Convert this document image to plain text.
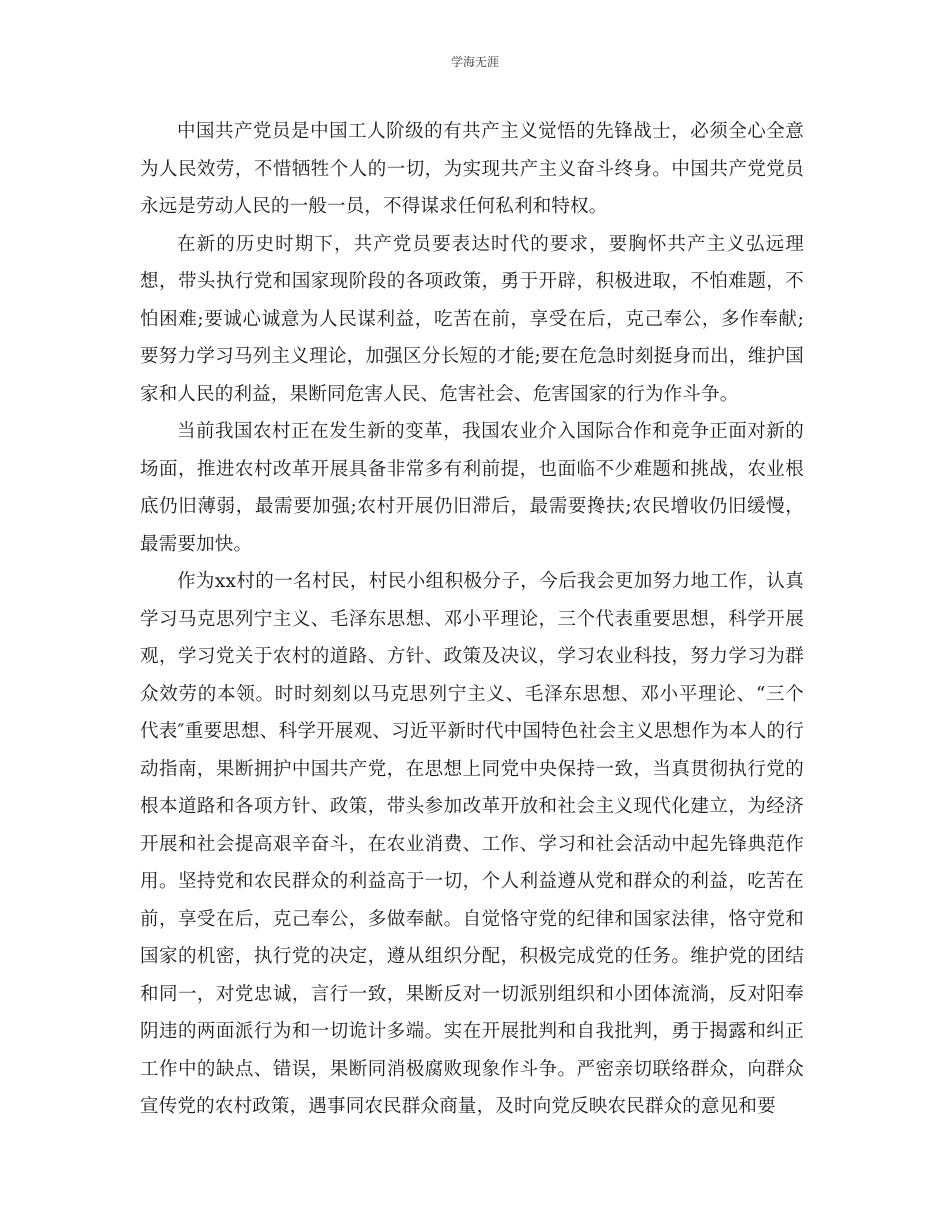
学海无涯

中国共产党员是中国工人阶级的有共产主义觉悟的先锋战士，必须全心全意为人民效劳，不惜牺牲个人的一切，为实现共产主义奋斗终身。中国共产党党员永远是劳动人民的一般一员，不得谋求任何私利和特权。

在新的历史时期下，共产党员要表达时代的要求，要胸怀共产主义弘远理想，带头执行党和国家现阶段的各项政策，勇于开辟，积极进取，不怕难题，不怕困难;要诚心诚意为人民谋利益，吃苦在前，享受在后，克己奉公，多作奉献;要努力学习马列主义理论，加强区分长短的才能;要在危急时刻挺身而出，维护国家和人民的利益，果断同危害人民、危害社会、危害国家的行为作斗争。

当前我国农村正在发生新的变革，我国农业介入国际合作和竞争正面对新的场面，推进农村改革开展具备非常多有利前提，也面临不少难题和挑战，农业根底仍旧薄弱，最需要加强;农村开展仍旧滞后，最需要搀扶;农民增收仍旧缓慢，最需要加快。

作为xx村的一名村民，村民小组积极分子，今后我会更加努力地工作，认真学习马克思列宁主义、毛泽东思想、邓小平理论，三个代表重要思想，科学开展观，学习党关于农村的道路、方针、政策及决议，学习农业科技，努力学习为群众效劳的本领。时时刻刻以马克思列宁主义、毛泽东思想、邓小平理论、“三个代表″重要思想、科学开展观、习近平新时代中国特色社会主义思想作为本人的行动指南，果断拥护中国共产党，在思想上同党中央保持一致，当真贯彻执行党的根本道路和各项方针、政策，带头参加改革开放和社会主义现代化建立，为经济开展和社会提高艰辛奋斗，在农业消费、工作、学习和社会活动中起先锋典范作用。坚持党和农民群众的利益高于一切，个人利益遵从党和群众的利益，吃苦在前，享受在后，克己奉公，多做奉献。自觉恪守党的纪律和国家法律，恪守党和国家的机密，执行党的决定，遵从组织分配，积极完成党的任务。维护党的团结和同一，对党忠诚，言行一致，果断反对一切派别组织和小团体流淌，反对阳奉阴违的两面派行为和一切诡计多端。实在开展批判和自我批判，勇于揭露和纠正工作中的缺点、错误，果断同消极腐败现象作斗争。严密亲切联络群众，向群众宣传党的农村政策，遇事同农民群众商量，及时向党反映农民群众的意见和要
